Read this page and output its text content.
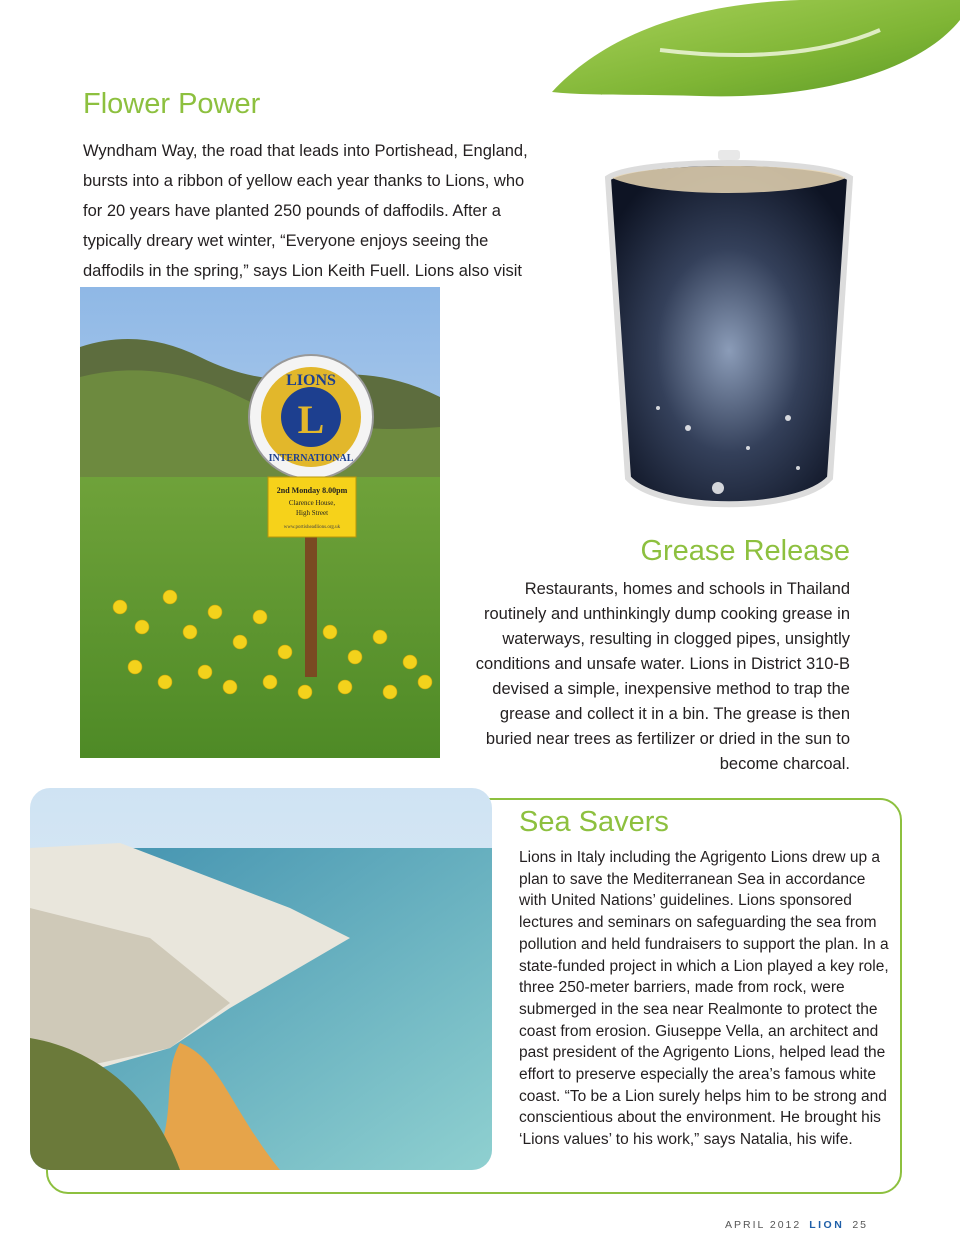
Flower Power

Wyndham Way, the road that leads into Portishead, England, bursts into a ribbon of yellow each year thanks to Lions, who for 20 years have planted 250 pounds of daffodils. After a typically dreary wet winter, “Everyone enjoys seeing the daffodils in the spring,” says Lion Keith Fuell. Lions also visit

LIONS
L
INTERNATIONAL
2nd Monday 8.00pm
Clarence House,
High Street
www.portisheadlions.org.uk
Grease Release

Restaurants, homes and schools in Thailand routinely and unthinkingly dump cooking grease in waterways, resulting in clogged pipes, unsightly conditions and unsafe water. Lions in District 310-B devised a simple, inexpensive method to trap the grease and collect it in a bin. The grease is then buried near trees as fertilizer or dried in the sun to become charcoal.

Sea Savers

Lions in Italy including the Agrigento Lions drew up a plan to save the Mediterranean Sea in accordance with United Nations’ guidelines. Lions sponsored lectures and seminars on safeguarding the sea from pollution and held fundraisers to support the plan. In a state-funded project in which a Lion played a key role, three 250-meter barriers, made from rock, were submerged in the sea near Realmonte to protect the coast from erosion. Giuseppe Vella, an architect and past president of the Agrigento Lions, helped lead the effort to preserve especially the area’s famous white coast. “To be a Lion surely helps him to be strong and conscientious about the environment. He brought his ‘Lions values’ to his work,” says Natalia, his wife.

APRIL 2012 LION 25
